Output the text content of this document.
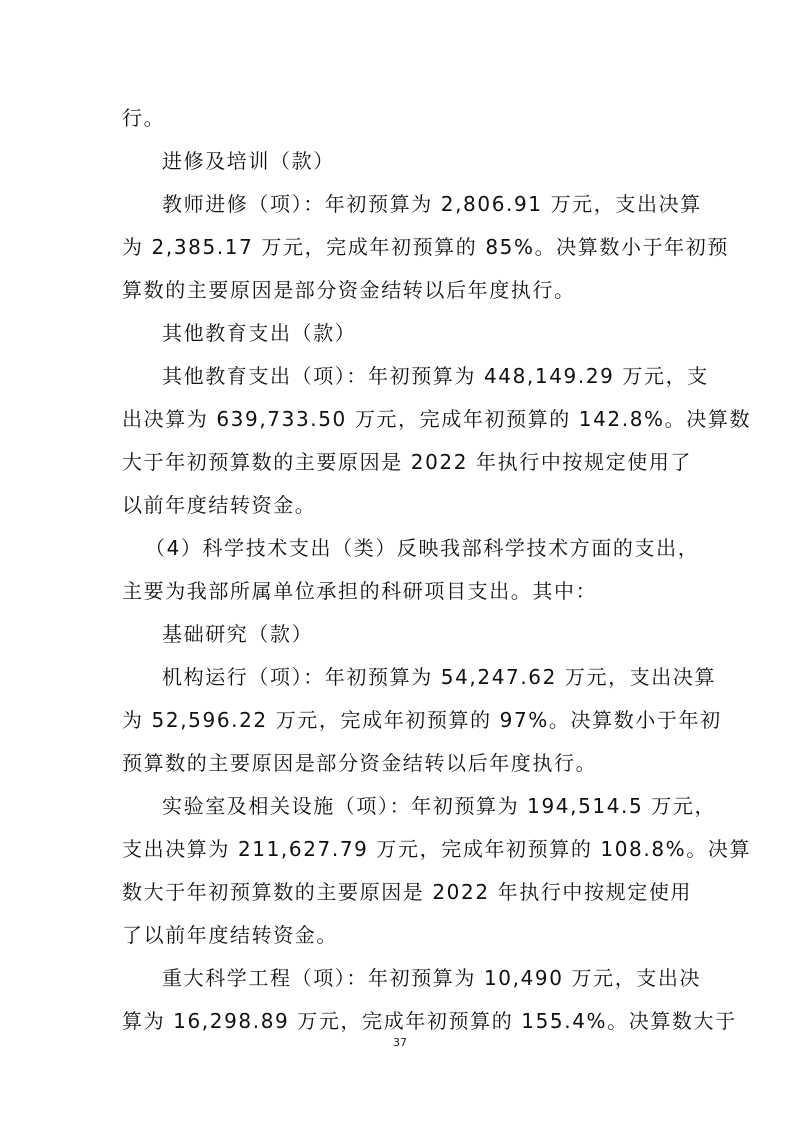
行。
进修及培训（款）
教师进修（项）：年初预算为 2,806.91 万元，支出决算
为 2,385.17 万元，完成年初预算的 85%。决算数小于年初预
算数的主要原因是部分资金结转以后年度执行。
其他教育支出（款）
其他教育支出（项）：年初预算为 448,149.29 万元，支
出决算为 639,733.50 万元，完成年初预算的 142.8%。决算数
大于年初预算数的主要原因是 2022 年执行中按规定使用了
以前年度结转资金。
（4）科学技术支出（类）反映我部科学技术方面的支出，
主要为我部所属单位承担的科研项目支出。其中：
基础研究（款）
机构运行（项）：年初预算为 54,247.62 万元，支出决算
为 52,596.22 万元，完成年初预算的 97%。决算数小于年初
预算数的主要原因是部分资金结转以后年度执行。
实验室及相关设施（项）：年初预算为 194,514.5 万元，
支出决算为 211,627.79 万元，完成年初预算的 108.8%。决算
数大于年初预算数的主要原因是 2022 年执行中按规定使用
了以前年度结转资金。
重大科学工程（项）：年初预算为 10,490 万元，支出决
算为 16,298.89 万元，完成年初预算的 155.4%。决算数大于
37
